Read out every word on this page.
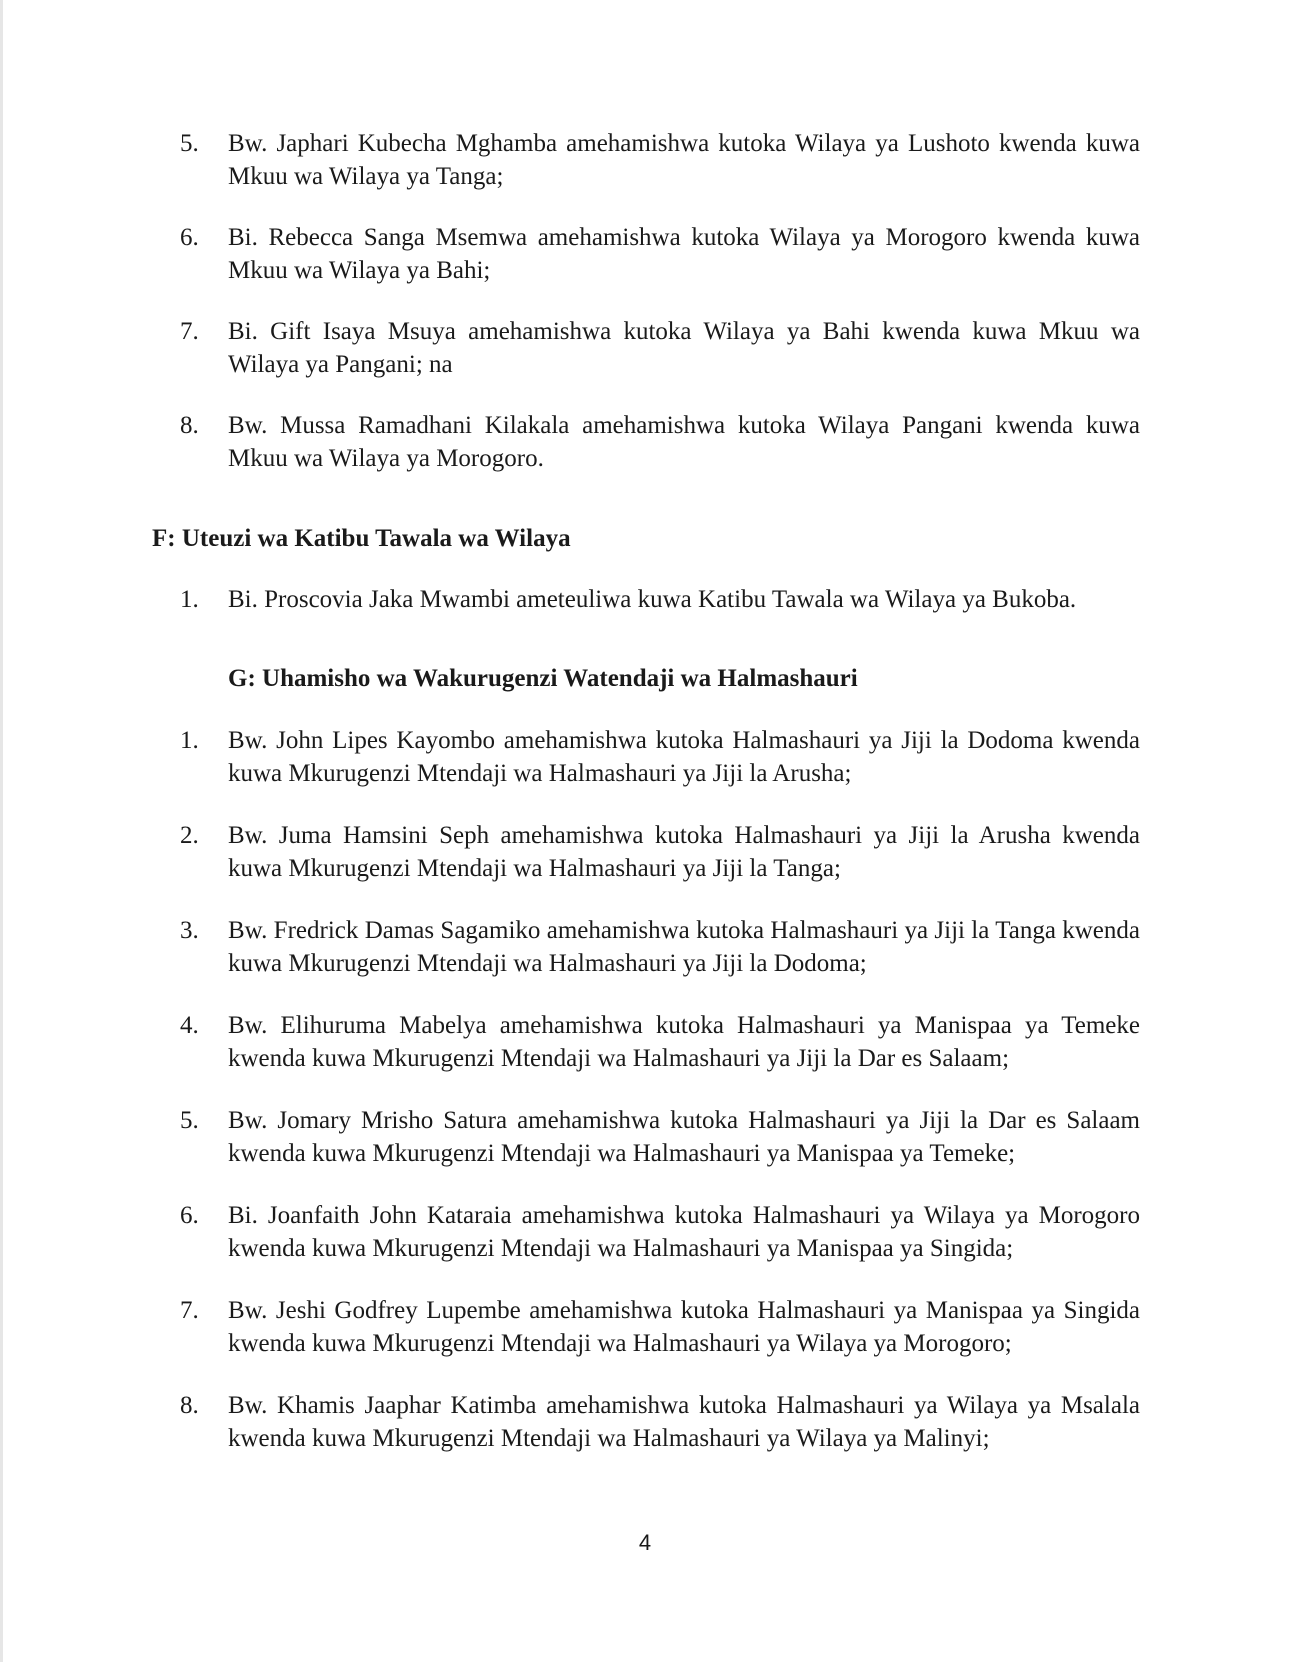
5.	Bw. Japhari Kubecha Mghamba amehamishwa kutoka Wilaya ya Lushoto kwenda kuwa Mkuu wa Wilaya ya Tanga;
6.	Bi. Rebecca Sanga Msemwa amehamishwa kutoka Wilaya ya Morogoro kwenda kuwa Mkuu wa Wilaya ya Bahi;
7.	Bi. Gift Isaya Msuya amehamishwa kutoka Wilaya ya Bahi kwenda kuwa Mkuu wa Wilaya ya Pangani; na
8.	Bw. Mussa Ramadhani Kilakala amehamishwa kutoka Wilaya Pangani kwenda kuwa Mkuu wa Wilaya ya Morogoro.
F: Uteuzi wa Katibu Tawala wa Wilaya
1.	Bi. Proscovia Jaka Mwambi ameteuliwa kuwa Katibu Tawala wa Wilaya ya Bukoba.
G: Uhamisho wa Wakurugenzi Watendaji wa Halmashauri
1.	Bw. John Lipes Kayombo amehamishwa kutoka Halmashauri ya Jiji la Dodoma kwenda kuwa Mkurugenzi Mtendaji wa Halmashauri ya Jiji la Arusha;
2.	Bw. Juma Hamsini Seph amehamishwa kutoka Halmashauri ya Jiji la Arusha kwenda kuwa Mkurugenzi Mtendaji wa Halmashauri ya Jiji la Tanga;
3.	Bw. Fredrick Damas Sagamiko amehamishwa kutoka Halmashauri ya Jiji la Tanga kwenda kuwa Mkurugenzi Mtendaji wa Halmashauri ya Jiji la Dodoma;
4.	Bw. Elihuruma Mabelya amehamishwa kutoka Halmashauri ya Manispaa ya Temeke kwenda kuwa Mkurugenzi Mtendaji wa Halmashauri ya Jiji la Dar es Salaam;
5.	Bw. Jomary Mrisho Satura amehamishwa kutoka Halmashauri ya Jiji la Dar es Salaam kwenda kuwa Mkurugenzi Mtendaji wa Halmashauri ya Manispaa ya Temeke;
6.	Bi. Joanfaith John Kataraia amehamishwa kutoka Halmashauri ya Wilaya ya Morogoro kwenda kuwa Mkurugenzi Mtendaji wa Halmashauri ya Manispaa ya Singida;
7.	Bw. Jeshi Godfrey Lupembe amehamishwa kutoka Halmashauri ya Manispaa ya Singida kwenda kuwa Mkurugenzi Mtendaji wa Halmashauri ya Wilaya ya Morogoro;
8.	Bw. Khamis Jaaphar Katimba amehamishwa kutoka Halmashauri ya Wilaya ya Msalala kwenda kuwa Mkurugenzi Mtendaji wa Halmashauri ya Wilaya ya Malinyi;
4
